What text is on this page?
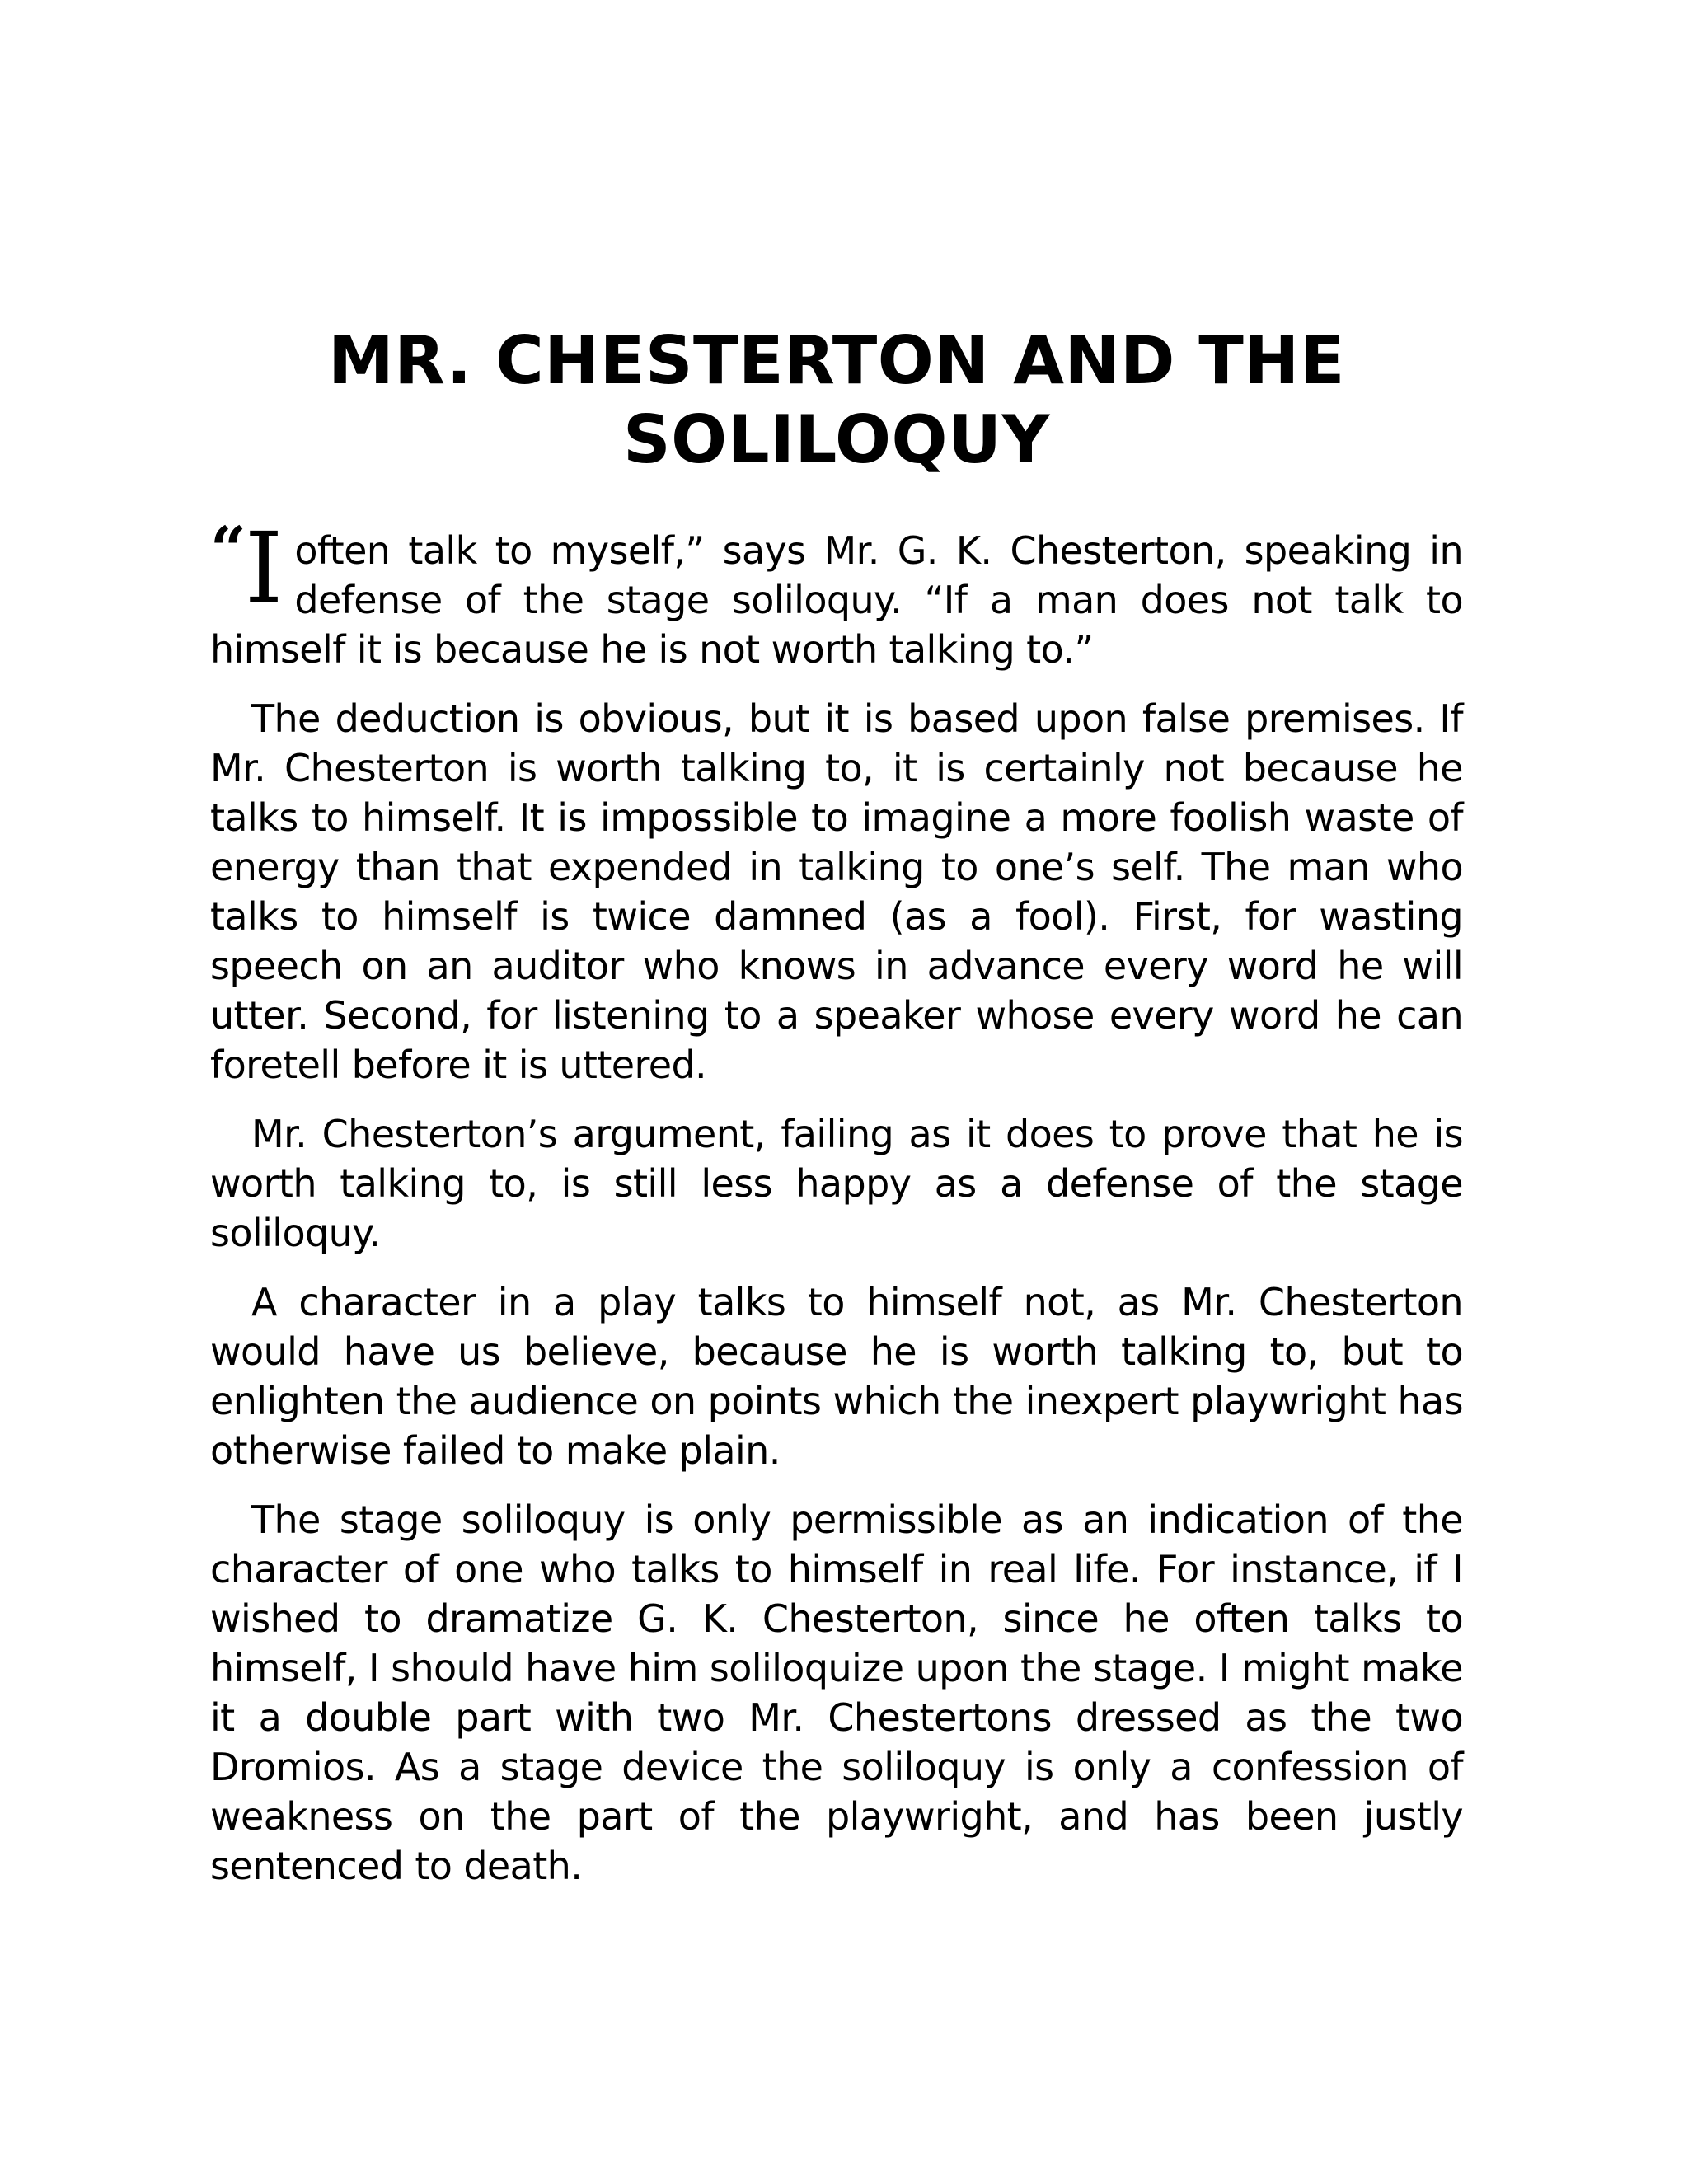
MR. CHESTERTON AND THE SOLILOQUY

“I often talk to myself,” says Mr. G. K. Chesterton, speaking in defense of the stage soliloquy. “If a man does not talk to himself it is because he is not worth talking to.”

The deduction is obvious, but it is based upon false premises. If Mr. Chesterton is worth talking to, it is certainly not because he talks to himself. It is impossible to imagine a more foolish waste of energy than that expended in talking to one’s self. The man who talks to himself is twice damned (as a fool). First, for wasting speech on an auditor who knows in advance every word he will utter. Second, for listening to a speaker whose every word he can foretell before it is uttered.

Mr. Chesterton’s argument, failing as it does to prove that he is worth talking to, is still less happy as a defense of the stage soliloquy.

A character in a play talks to himself not, as Mr. Chesterton would have us believe, because he is worth talking to, but to enlighten the audience on points which the inexpert playwright has otherwise failed to make plain.

The stage soliloquy is only permissible as an indication of the character of one who talks to himself in real life. For instance, if I wished to dramatize G. K. Chesterton, since he often talks to himself, I should have him soliloquize upon the stage. I might make it a double part with two Mr. Chestertons dressed as the two Dromios. As a stage device the soliloquy is only a confession of weakness on the part of the playwright, and has been justly sentenced to death.
